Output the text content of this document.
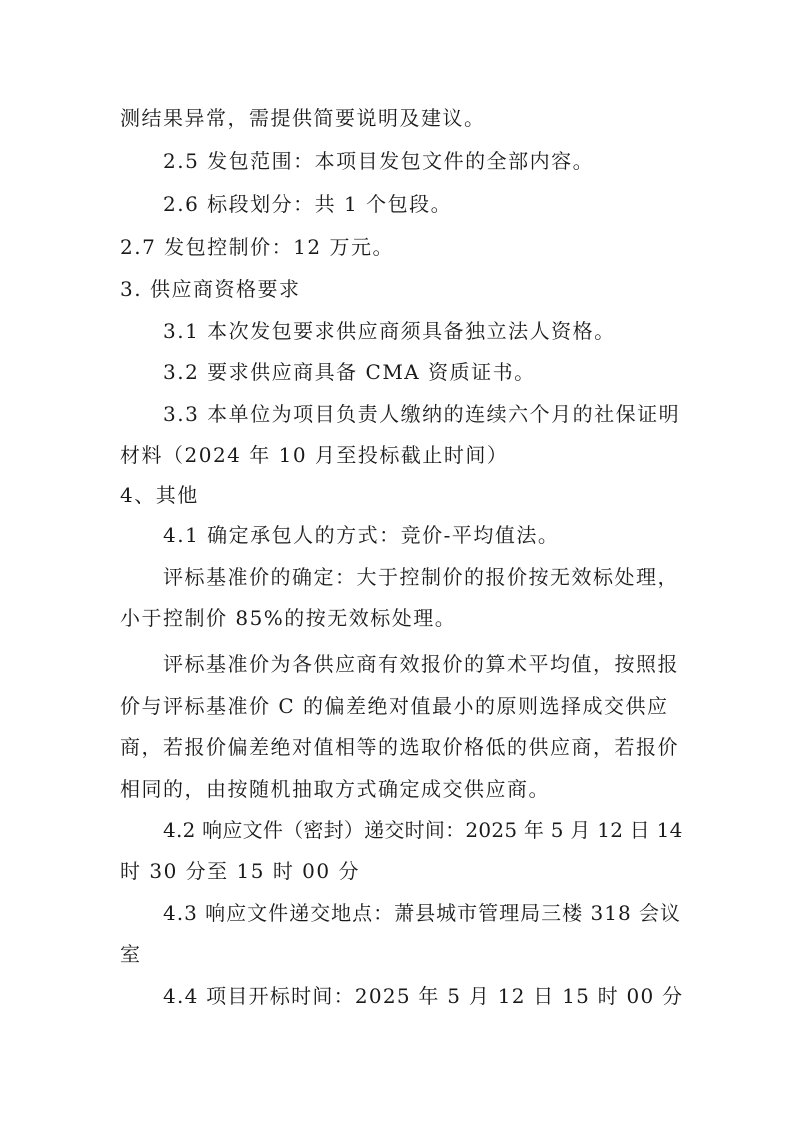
测结果异常，需提供简要说明及建议。
2.5 发包范围：本项目发包文件的全部内容。
2.6 标段划分：共 1 个包段。
2.7 发包控制价：12 万元。
3. 供应商资格要求
3.1 本次发包要求供应商须具备独立法人资格。
3.2 要求供应商具备 CMA 资质证书。
3.3 本单位为项目负责人缴纳的连续六个月的社保证明
材料（2024 年 10 月至投标截止时间）
4、其他
4.1 确定承包人的方式：竞价-平均值法。
评标基准价的确定：大于控制价的报价按无效标处理，
小于控制价 85%的按无效标处理。
评标基准价为各供应商有效报价的算术平均值，按照报
价与评标基准价 C 的偏差绝对值最小的原则选择成交供应
商，若报价偏差绝对值相等的选取价格低的供应商，若报价
相同的，由按随机抽取方式确定成交供应商。
4.2 响应文件（密封）递交时间：2025 年 5 月 12 日 14
时 30 分至 15 时 00 分
4.3 响应文件递交地点：萧县城市管理局三楼 318 会议
室
4.4 项目开标时间：2025 年 5 月 12 日 15 时 00 分
